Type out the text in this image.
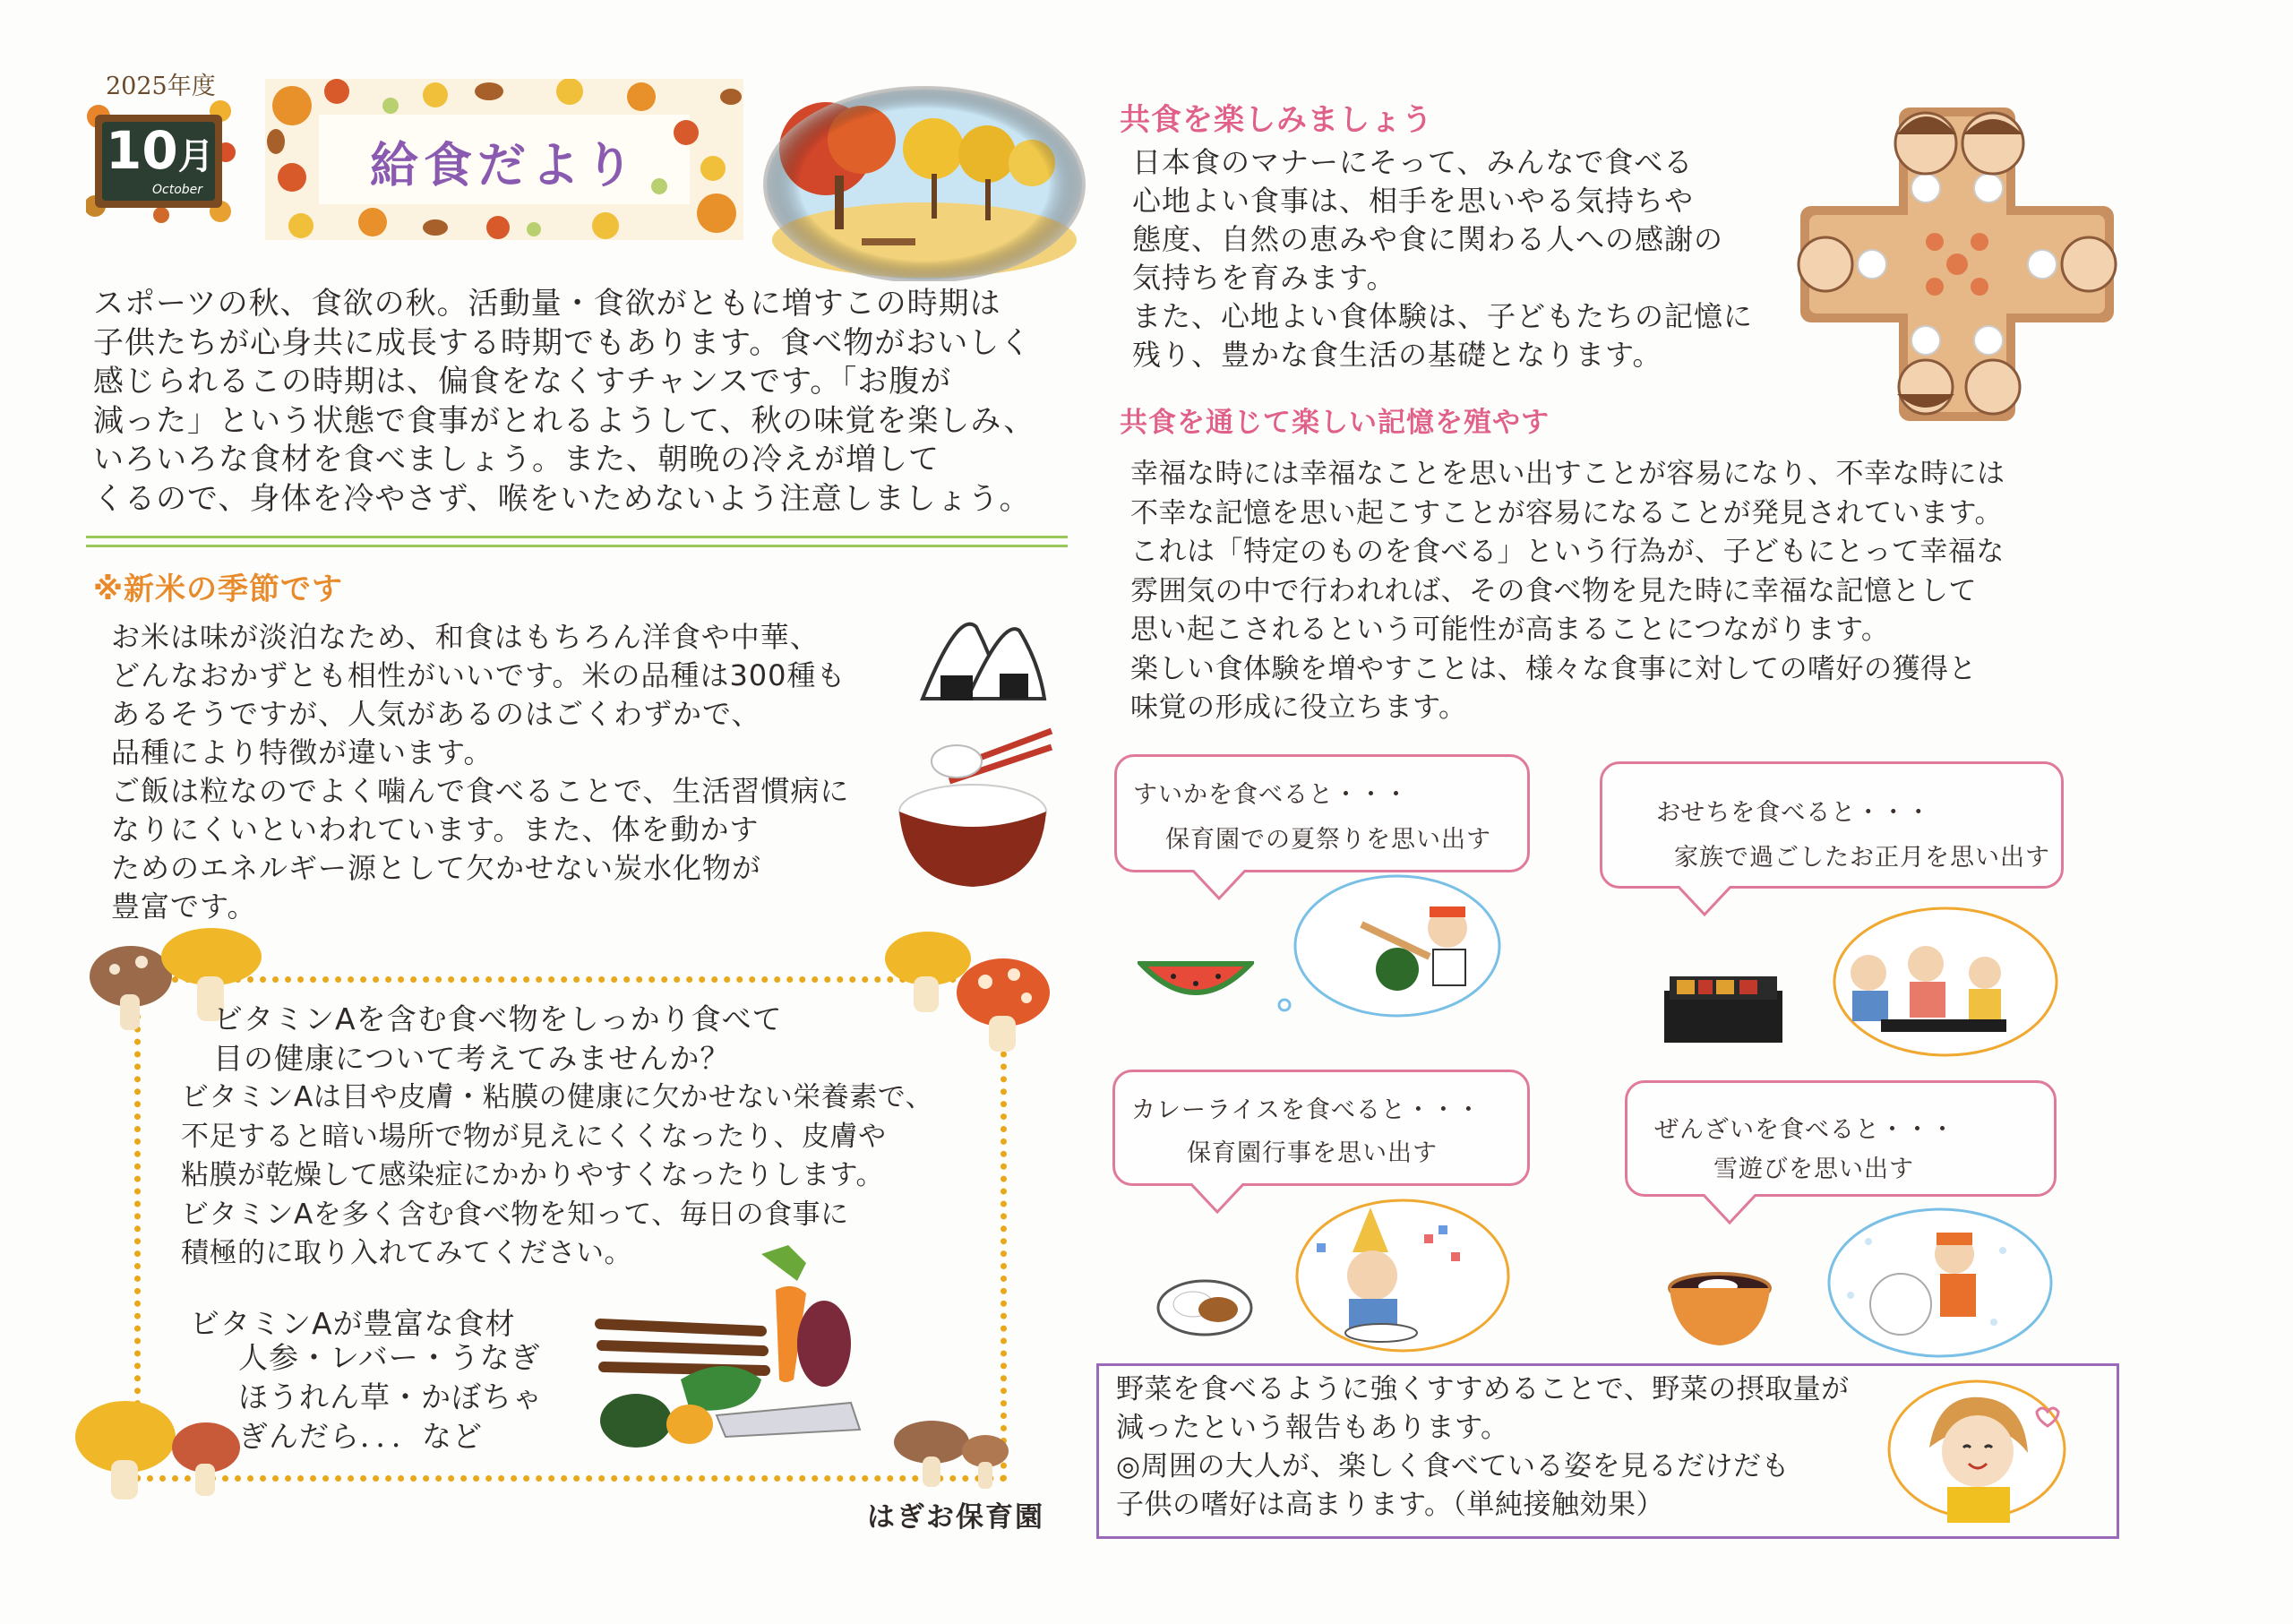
2025年度
10月
October	給食だより
スポーツの秋、食欲の秋。活動量・食欲がともに増すこの時期は
子供たちが心身共に成長する時期でもあります。食べ物がおいしく
感じられるこの時期は、偏食をなくすチャンスです。「お腹が
減った」という状態で食事がとれるようして、秋の味覚を楽しみ、
いろいろな食材を食べましょう。また、朝晩の冷えが増して
くるので、身体を冷やさず、喉をいためないよう注意しましょう。
※新米の季節です
お米は味が淡泊なため、和食はもちろん洋食や中華、
どんなおかずとも相性がいいです。米の品種は300種も
あるそうですが、人気があるのはごくわずかで、
品種により特徴が違います。
ご飯は粒なのでよく噛んで食べることで、生活習慣病に
なりにくいといわれています。また、体を動かす
ためのエネルギー源として欠かせない炭水化物が
豊富です。
ビタミンAを含む食べ物をしっかり食べて
目の健康について考えてみませんか？
ビタミンAは目や皮膚・粘膜の健康に欠かせない栄養素で、
不足すると暗い場所で物が見えにくくなったり、皮膚や
粘膜が乾燥して感染症にかかりやすくなったりします。
ビタミンAを多く含む食べ物を知って、毎日の食事に
積極的に取り入れてみてください。
ビタミンAが豊富な食材
人参・レバー・うなぎ
ほうれん草・かぼちゃ
ぎんだら．．．など
はぎお保育園
共食を楽しみましょう
日本食のマナーにそって、みんなで食べる
心地よい食事は、相手を思いやる気持ちや
態度、自然の恵みや食に関わる人への感謝の
気持ちを育みます。
また、心地よい食体験は、子どもたちの記憶に
残り、豊かな食生活の基礎となります。
共食を通じて楽しい記憶を殖やす
幸福な時には幸福なことを思い出すことが容易になり、不幸な時には
不幸な記憶を思い起こすことが容易になることが発見されています。
これは「特定のものを食べる」という行為が、子どもにとって幸福な
雰囲気の中で行われれば、その食べ物を見た時に幸福な記憶として
思い起こされるという可能性が高まることにつながります。
楽しい食体験を増やすことは、様々な食事に対しての嗜好の獲得と
味覚の形成に役立ちます。
すいかを食べると・・・
保育園での夏祭りを思い出す
おせちを食べると・・・
家族で過ごしたお正月を思い出す
カレーライスを食べると・・・
保育園行事を思い出す
ぜんざいを食べると・・・
雪遊びを思い出す
野菜を食べるように強くすすめることで、野菜の摂取量が
減ったという報告もあります。
◎周囲の大人が、楽しく食べている姿を見るだけだも
子供の嗜好は高まります。（単純接触効果）
